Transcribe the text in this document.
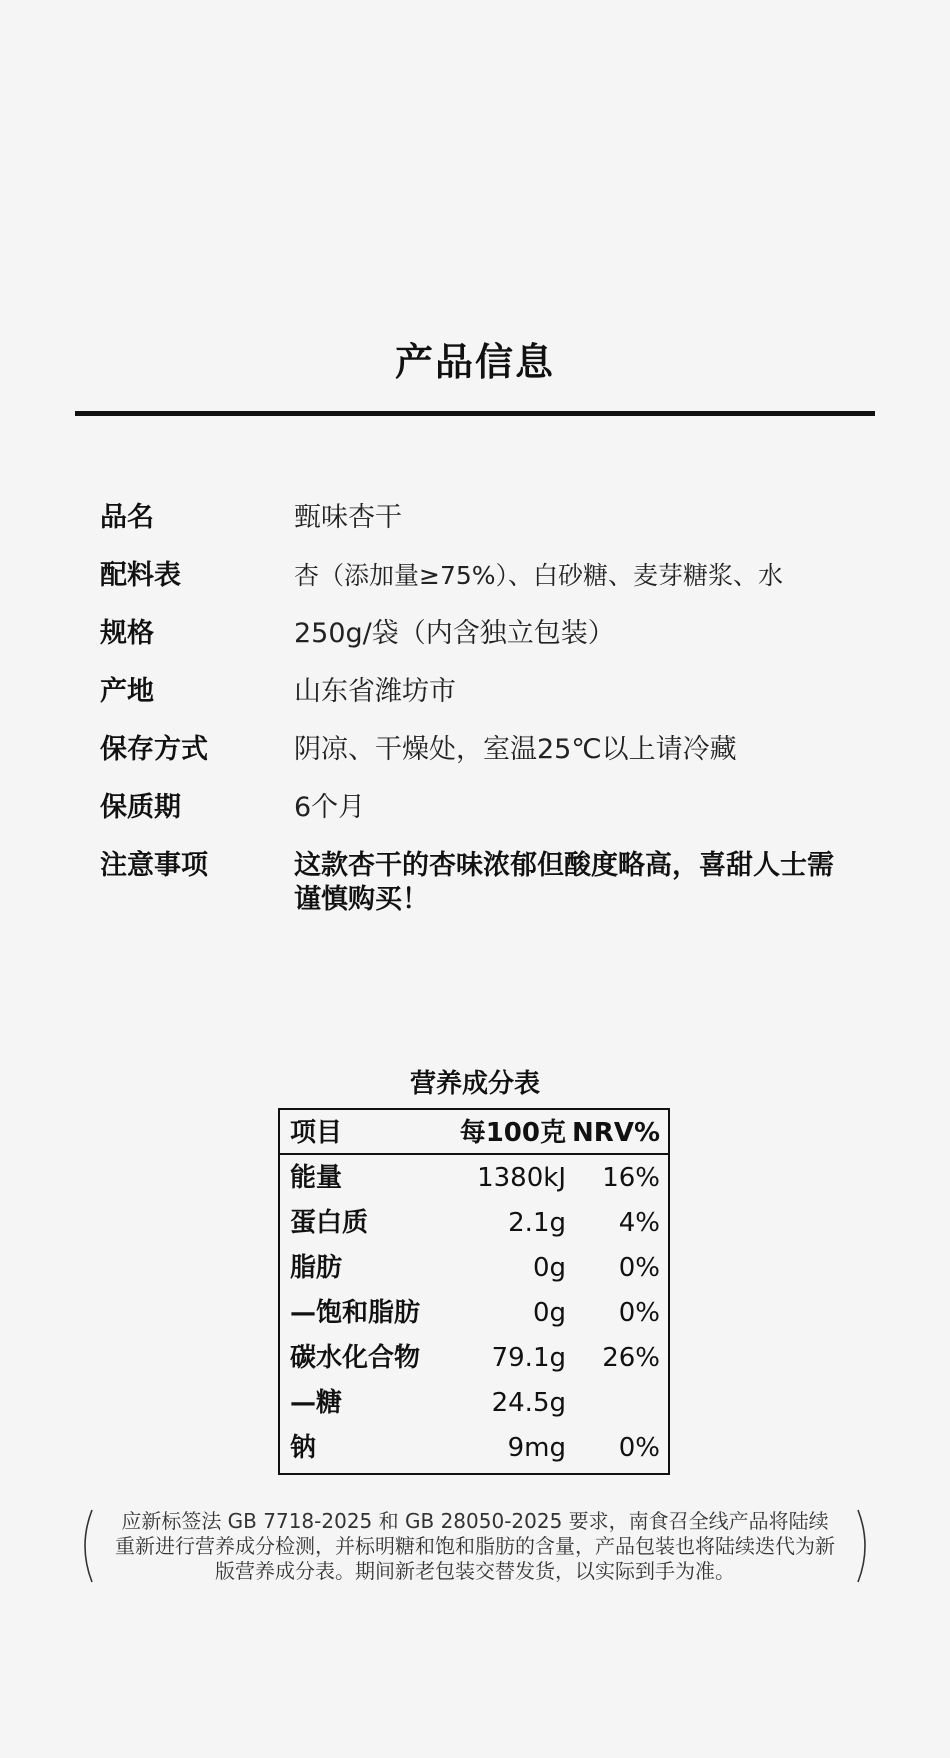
产品信息
品名	甄味杏干
配料表	杏（添加量≥75%）、白砂糖、麦芽糖浆、水
规格	250g/袋（内含独立包装）
产地	山东省潍坊市
保存方式	阴凉、干燥处，室温25℃以上请冷藏
保质期	6个月
注意事项	这款杏干的杏味浓郁但酸度略高，喜甜人士需谨慎购买！
营养成分表
项目	每100克 NRV%
能量	1380kJ 16%
蛋白质	2.1g 4%
脂肪	0g 0%
—饱和脂肪	0g 0%
碳水化合物	79.1g 26%
—糖	24.5g
钠	9mg 0%
应新标签法 GB 7718-2025 和 GB 28050-2025 要求，南食召全线产品将陆续重新进行营养成分检测，并标明糖和饱和脂肪的含量，产品包装也将陆续迭代为新版营养成分表。期间新老包装交替发货，以实际到手为准。
